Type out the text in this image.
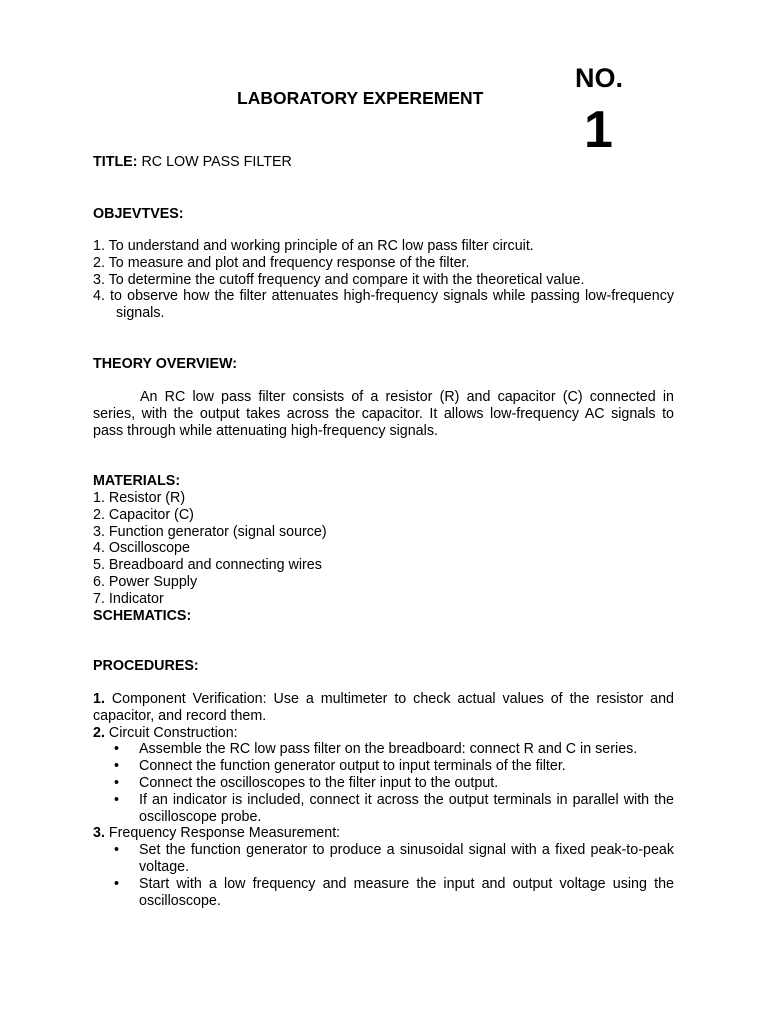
LABORATORY EXPEREMENT
NO.
1
TITLE: RC LOW PASS FILTER
OBJEVTVES:
1. To understand and working principle of an RC low pass filter circuit.
2. To measure and plot and frequency response of the filter.
3. To determine the cutoff frequency and compare it with the theoretical value.
4. to observe how the filter attenuates high-frequency signals while passing low-frequency signals.
THEORY OVERVIEW:
An RC low pass filter consists of a resistor (R) and capacitor (C) connected in series, with the output takes across the capacitor. It allows low-frequency AC signals to pass through while attenuating high-frequency signals.
MATERIALS:
1. Resistor (R)
2. Capacitor (C)
3. Function generator (signal source)
4. Oscilloscope
5. Breadboard and connecting wires
6. Power Supply
7. Indicator
SCHEMATICS:
PROCEDURES:
1. Component Verification: Use a multimeter to check actual values of the resistor and capacitor, and record them.
2. Circuit Construction:
• Assemble the RC low pass filter on the breadboard: connect R and C in series.
• Connect the function generator output to input terminals of the filter.
• Connect the oscilloscopes to the filter input to the output.
• If an indicator is included, connect it across the output terminals in parallel with the oscilloscope probe.
3. Frequency Response Measurement:
• Set the function generator to produce a sinusoidal signal with a fixed peak-to-peak voltage.
• Start with a low frequency and measure the input and output voltage using the oscilloscope.
